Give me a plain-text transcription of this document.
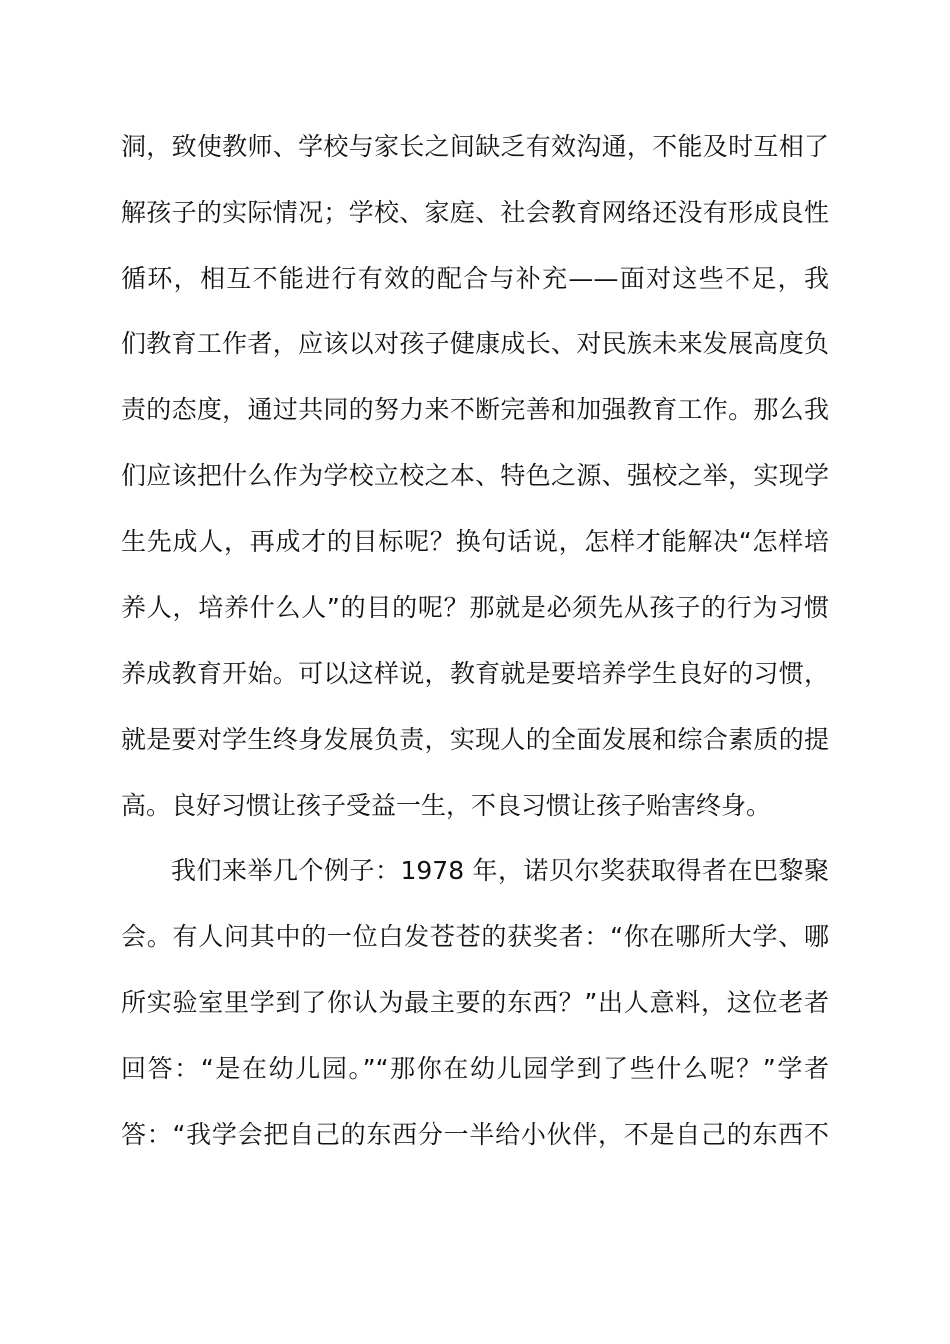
洞，致使教师、学校与家长之间缺乏有效沟通，不能及时互相了
解孩子的实际情况；学校、家庭、社会教育网络还没有形成良性
循环，相互不能进行有效的配合与补充——面对这些不足，我
们教育工作者，应该以对孩子健康成长、对民族未来发展高度负
责的态度，通过共同的努力来不断完善和加强教育工作。那么我
们应该把什么作为学校立校之本、特色之源、强校之举，实现学
生先成人，再成才的目标呢？换句话说，怎样才能解决“怎样培
养人，培养什么人”的目的呢？那就是必须先从孩子的行为习惯
养成教育开始。可以这样说，教育就是要培养学生良好的习惯，
就是要对学生终身发展负责，实现人的全面发展和综合素质的提
高。良好习惯让孩子受益一生，不良习惯让孩子贻害终身。
我们来举几个例子：1978 年，诺贝尔奖获取得者在巴黎聚
会。有人问其中的一位白发苍苍的获奖者：“你在哪所大学、哪
所实验室里学到了你认为最主要的东西？”出人意料，这位老者
回答：“是在幼儿园。”“那你在幼儿园学到了些什么呢？”学者
答：“我学会把自己的东西分一半给小伙伴，不是自己的东西不
